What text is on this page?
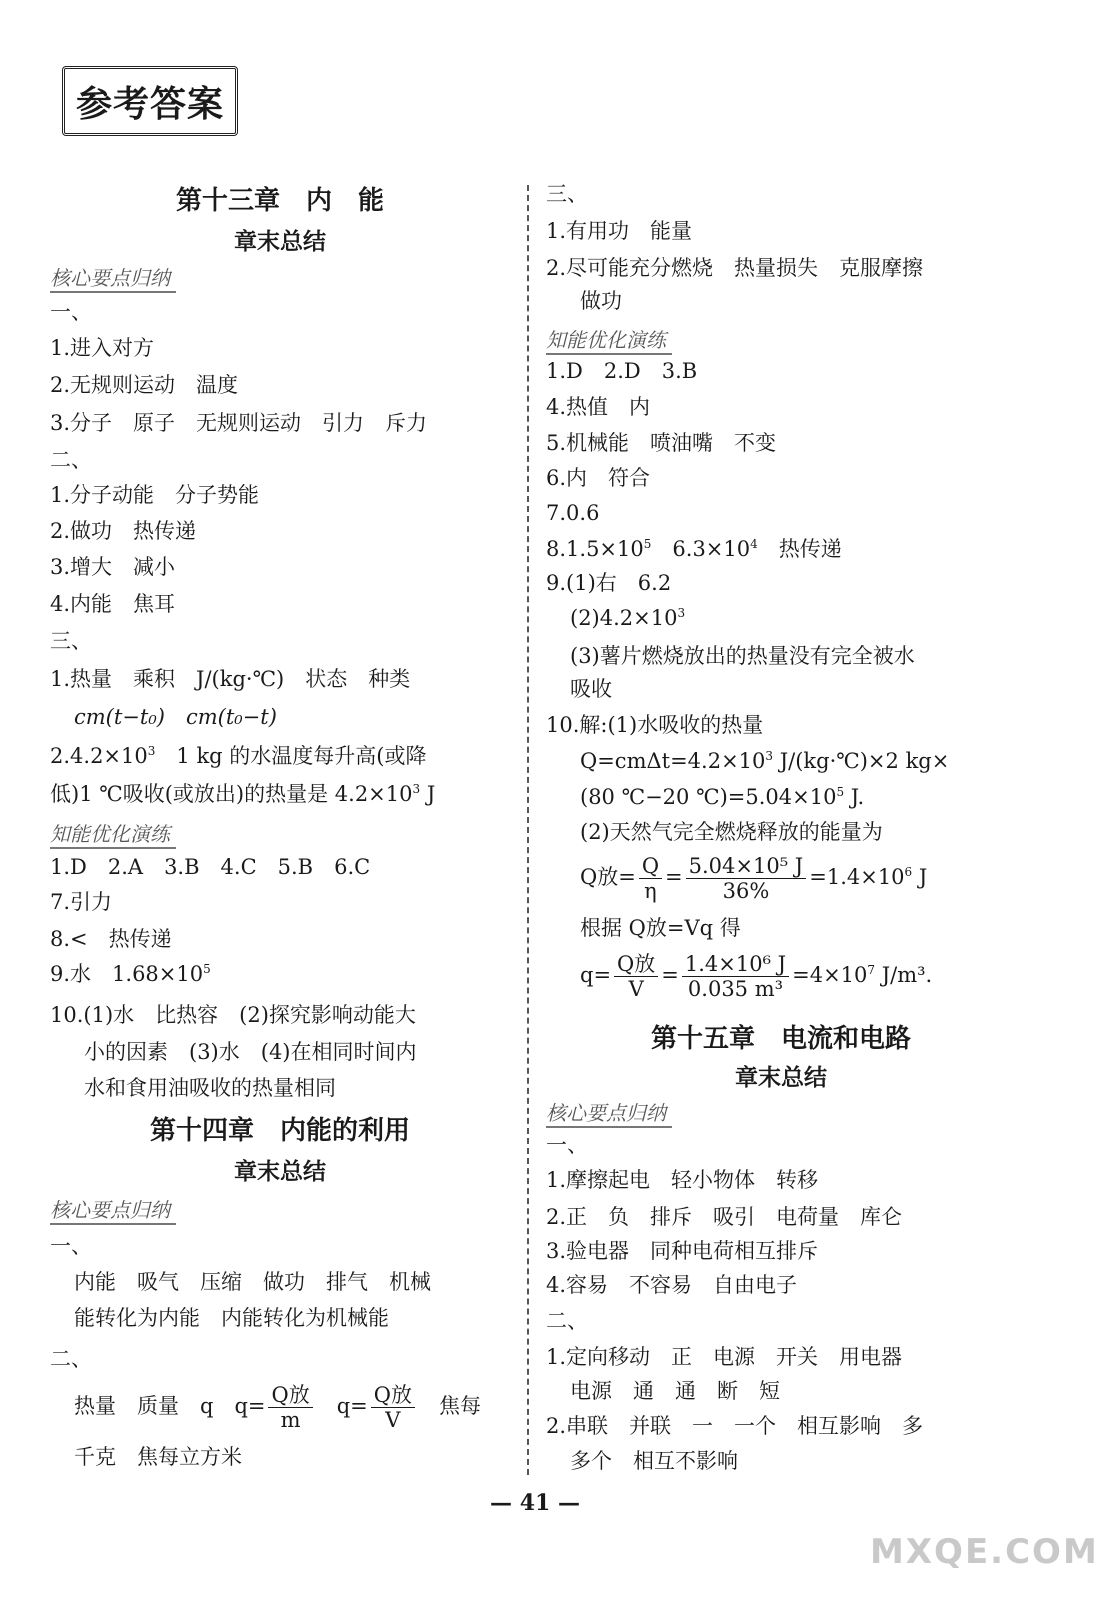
参考答案
第十三章　内　能
章末总结
核心要点归纳
一、
1.进入对方
2.无规则运动　温度
3.分子　原子　无规则运动　引力　斥力
二、
1.分子动能　分子势能
2.做功　热传递
3.增大　减小
4.内能　焦耳
三、
1.热量　乘积　J/(kg·℃)　状态　种类
cm(t−t₀)　cm(t₀−t)
$2.4.2\times 10^3$　1 kg 的水温度每升高(或降
低)1 ℃吸收(或放出)的热量是 $4.2\times 10^3$ J
知能优化演练
1.D　2.A　3.B　4.C　5.B　6.C
7.引力
8.<　热传递
9.水　$1.68\times 10^5$
10.(1)水　比热容　(2)探究影响动能大
小的因素　(3)水　(4)在相同时间内
水和食用油吸收的热量相同
第十四章　内能的利用
章末总结
核心要点归纳
一、
内能　吸气　压缩　做功　排气　机械
能转化为内能　内能转化为机械能
二、
热量　质量　q　$q= \frac{\text{Q放}}{m}$ 　$q= \frac{\text{Q放}}{V}$ 　焦每
千克　焦每立方米
三、
1.有用功　能量
2.尽可能充分燃烧　热量损失　克服摩擦
做功
知能优化演练
1.D　2.D　3.B
4.热值　内
5.机械能　喷油嘴　不变
6.内　符合
7.0.6
$8.1.5\times 10^5$　$6.3\times 10^4$　热传递
9.(1)右　6.2
$(2)4.2\times 10^3$
(3)薯片燃烧放出的热量没有完全被水
吸收
10.解:(1)水吸收的热量
$Q=cm\Delta t=4.2\times 10^3$ J/(kg·℃)×2 kg×
(80 ℃−20 $℃)=5.04\times 10^5$ J.
(2)天然气完全燃烧释放的能量为
Q放= $\frac{Q}{\eta} = \frac{\text{5.04×10⁵ J}}{36\%} =1.4\times 10^6$ J
根据 Q放=Vq 得
$q= \frac{\text{Q放}}{V} = \frac{\text{1.4×10⁶ J}}{\text{0.035 m³}} =4\times 10^7$ J/m³.
第十五章　电流和电路
章末总结
核心要点归纳
一、
1.摩擦起电　轻小物体　转移
2.正　负　排斥　吸引　电荷量　库仑
3.验电器　同种电荷相互排斥
4.容易　不容易　自由电子
二、
1.定向移动　正　电源　开关　用电器
电源　通　通　断　短
2.串联　并联　一　一个　相互影响　多
多个　相互不影响
— 41 —
MXQE.COM
